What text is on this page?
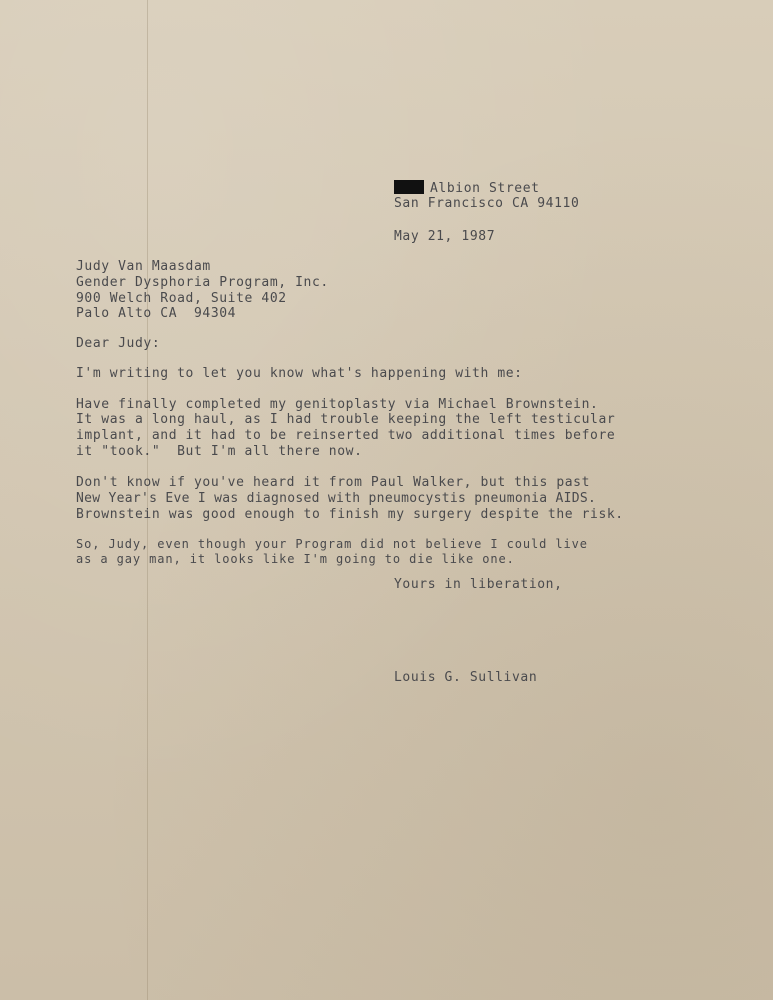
Albion Street
San Francisco CA 94110
May 21, 1987
Judy Van Maasdam
Gender Dysphoria Program, Inc.
900 Welch Road, Suite 402
Palo Alto CA  94304
Dear Judy:
I'm writing to let you know what's happening with me:
Have finally completed my genitoplasty via Michael Brownstein.
It was a long haul, as I had trouble keeping the left testicular
implant, and it had to be reinserted two additional times before
it "took."  But I'm all there now.
Don't know if you've heard it from Paul Walker, but this past
New Year's Eve I was diagnosed with pneumocystis pneumonia AIDS.
Brownstein was good enough to finish my surgery despite the risk.
So, Judy, even though your Program did not believe I could live
as a gay man, it looks like I'm going to die like one.
Yours in liberation,
Louis G. Sullivan
